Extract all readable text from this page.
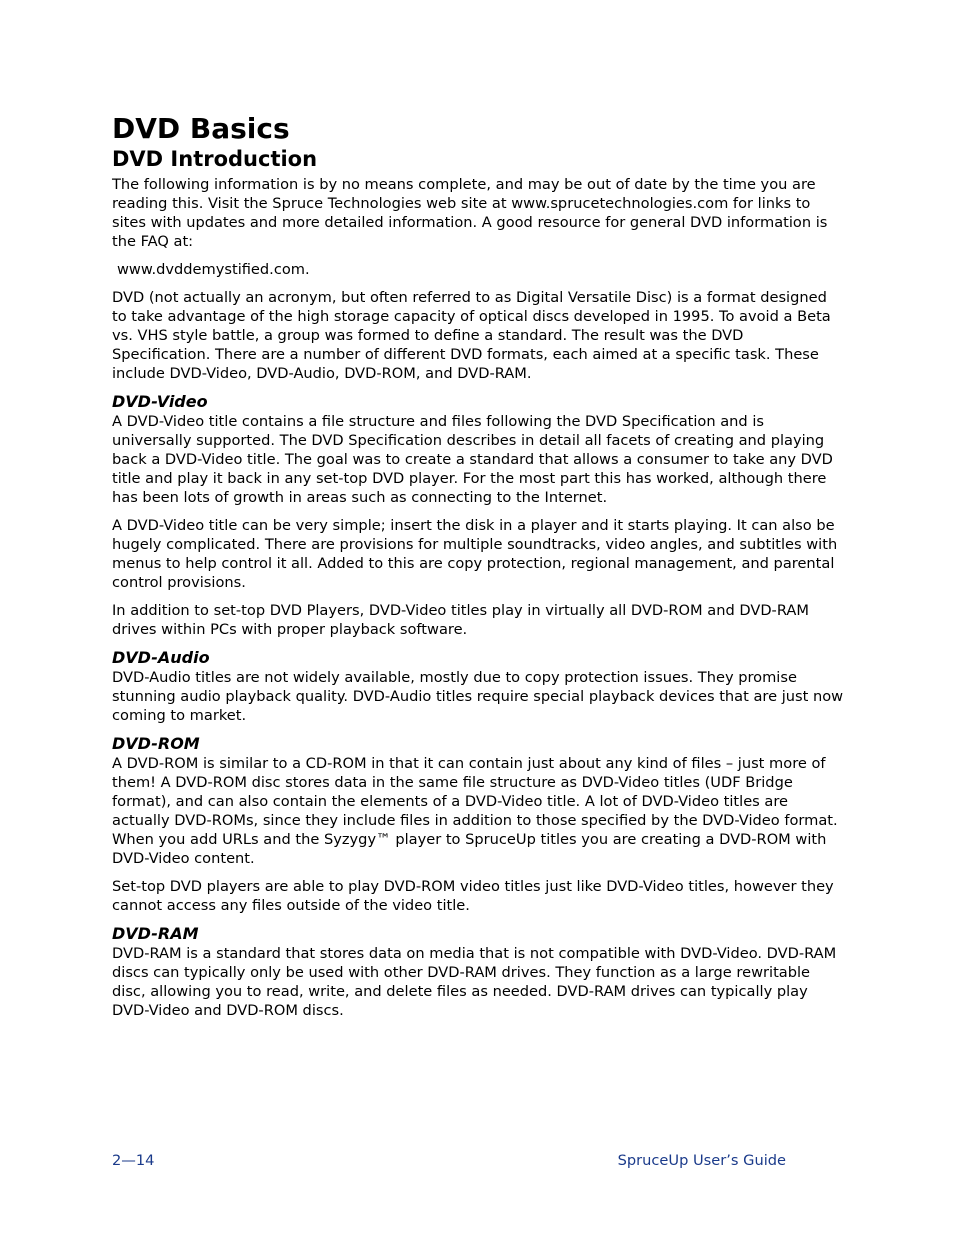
DVD Basics
DVD Introduction

The following information is by no means complete, and may be out of date by the time you are reading this. Visit the Spruce Technologies web site at www.sprucetechnologies.com for links to sites with updates and more detailed information. A good resource for general DVD information is the FAQ at:

www.dvddemystified.com.

DVD (not actually an acronym, but often referred to as Digital Versatile Disc) is a format designed to take advantage of the high storage capacity of optical discs developed in 1995. To avoid a Beta vs. VHS style battle, a group was formed to define a standard. The result was the DVD Specification. There are a number of different DVD formats, each aimed at a specific task. These include DVD-Video, DVD-Audio, DVD-ROM, and DVD-RAM.

DVD-Video

A DVD-Video title contains a file structure and files following the DVD Specification and is universally supported. The DVD Specification describes in detail all facets of creating and playing back a DVD-Video title. The goal was to create a standard that allows a consumer to take any DVD title and play it back in any set-top DVD player. For the most part this has worked, although there has been lots of growth in areas such as connecting to the Internet.

A DVD-Video title can be very simple; insert the disk in a player and it starts playing. It can also be hugely complicated. There are provisions for multiple soundtracks, video angles, and subtitles with menus to help control it all. Added to this are copy protection, regional management, and parental control provisions.

In addition to set-top DVD Players, DVD-Video titles play in virtually all DVD-ROM and DVD-RAM drives within PCs with proper playback software.

DVD-Audio

DVD-Audio titles are not widely available, mostly due to copy protection issues. They promise stunning audio playback quality. DVD-Audio titles require special playback devices that are just now coming to market.

DVD-ROM

A DVD-ROM is similar to a CD-ROM in that it can contain just about any kind of files – just more of them! A DVD-ROM disc stores data in the same file structure as DVD-Video titles (UDF Bridge format), and can also contain the elements of a DVD-Video title. A lot of DVD-Video titles are actually DVD-ROMs, since they include files in addition to those specified by the DVD-Video format. When you add URLs and the Syzygy™ player to SpruceUp titles you are creating a DVD-ROM with DVD-Video content.

Set-top DVD players are able to play DVD-ROM video titles just like DVD-Video titles, however they cannot access any files outside of the video title.

DVD-RAM

DVD-RAM is a standard that stores data on media that is not compatible with DVD-Video. DVD-RAM discs can typically only be used with other DVD-RAM drives. They function as a large rewritable disc, allowing you to read, write, and delete files as needed. DVD-RAM drives can typically play DVD-Video and DVD-ROM discs.

2—14	SpruceUp User’s Guide
